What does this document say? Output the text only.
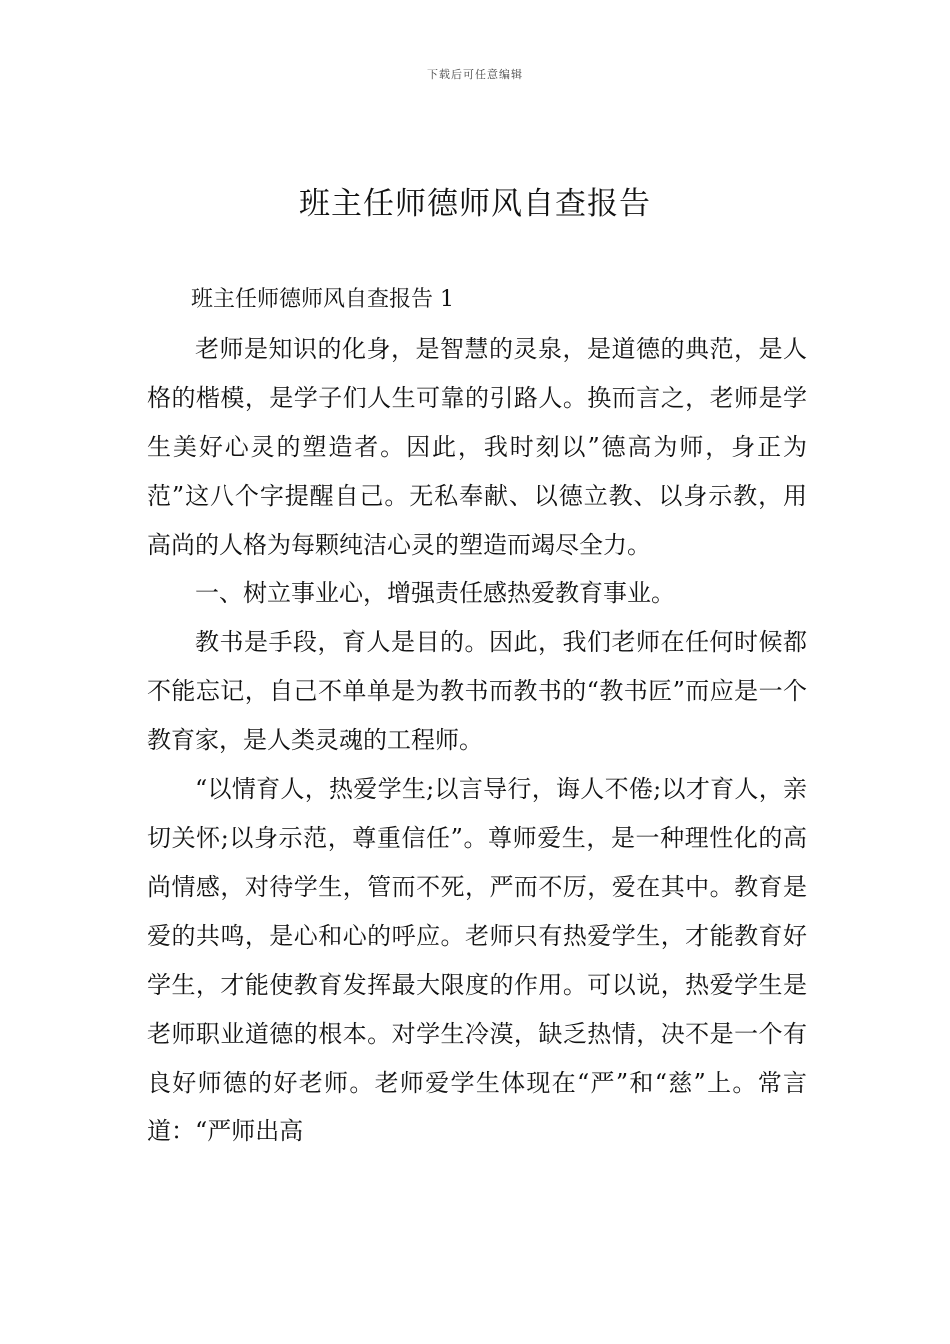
下载后可任意编辑
班主任师德师风自查报告

班主任师德师风自查报告 1

老师是知识的化身，是智慧的灵泉，是道德的典范，是人格的楷模，是学子们人生可靠的引路人。换而言之，老师是学生美好心灵的塑造者。因此，我时刻以”德高为师，身正为范”这八个字提醒自己。无私奉献、以德立教、以身示教，用高尚的人格为每颗纯洁心灵的塑造而竭尽全力。

一、树立事业心，增强责任感热爱教育事业。

教书是手段，育人是目的。因此，我们老师在任何时候都不能忘记，自己不单单是为教书而教书的“教书匠”而应是一个教育家，是人类灵魂的工程师。

“以情育人，热爱学生;以言导行，诲人不倦;以才育人，亲切关怀;以身示范，尊重信任”。尊师爱生，是一种理性化的高尚情感，对待学生，管而不死，严而不厉，爱在其中。教育是爱的共鸣，是心和心的呼应。老师只有热爱学生，才能教育好学生，才能使教育发挥最大限度的作用。可以说，热爱学生是老师职业道德的根本。对学生冷漠，缺乏热情，决不是一个有良好师德的好老师。老师爱学生体现在“严”和“慈”上。常言道：“严师出高
